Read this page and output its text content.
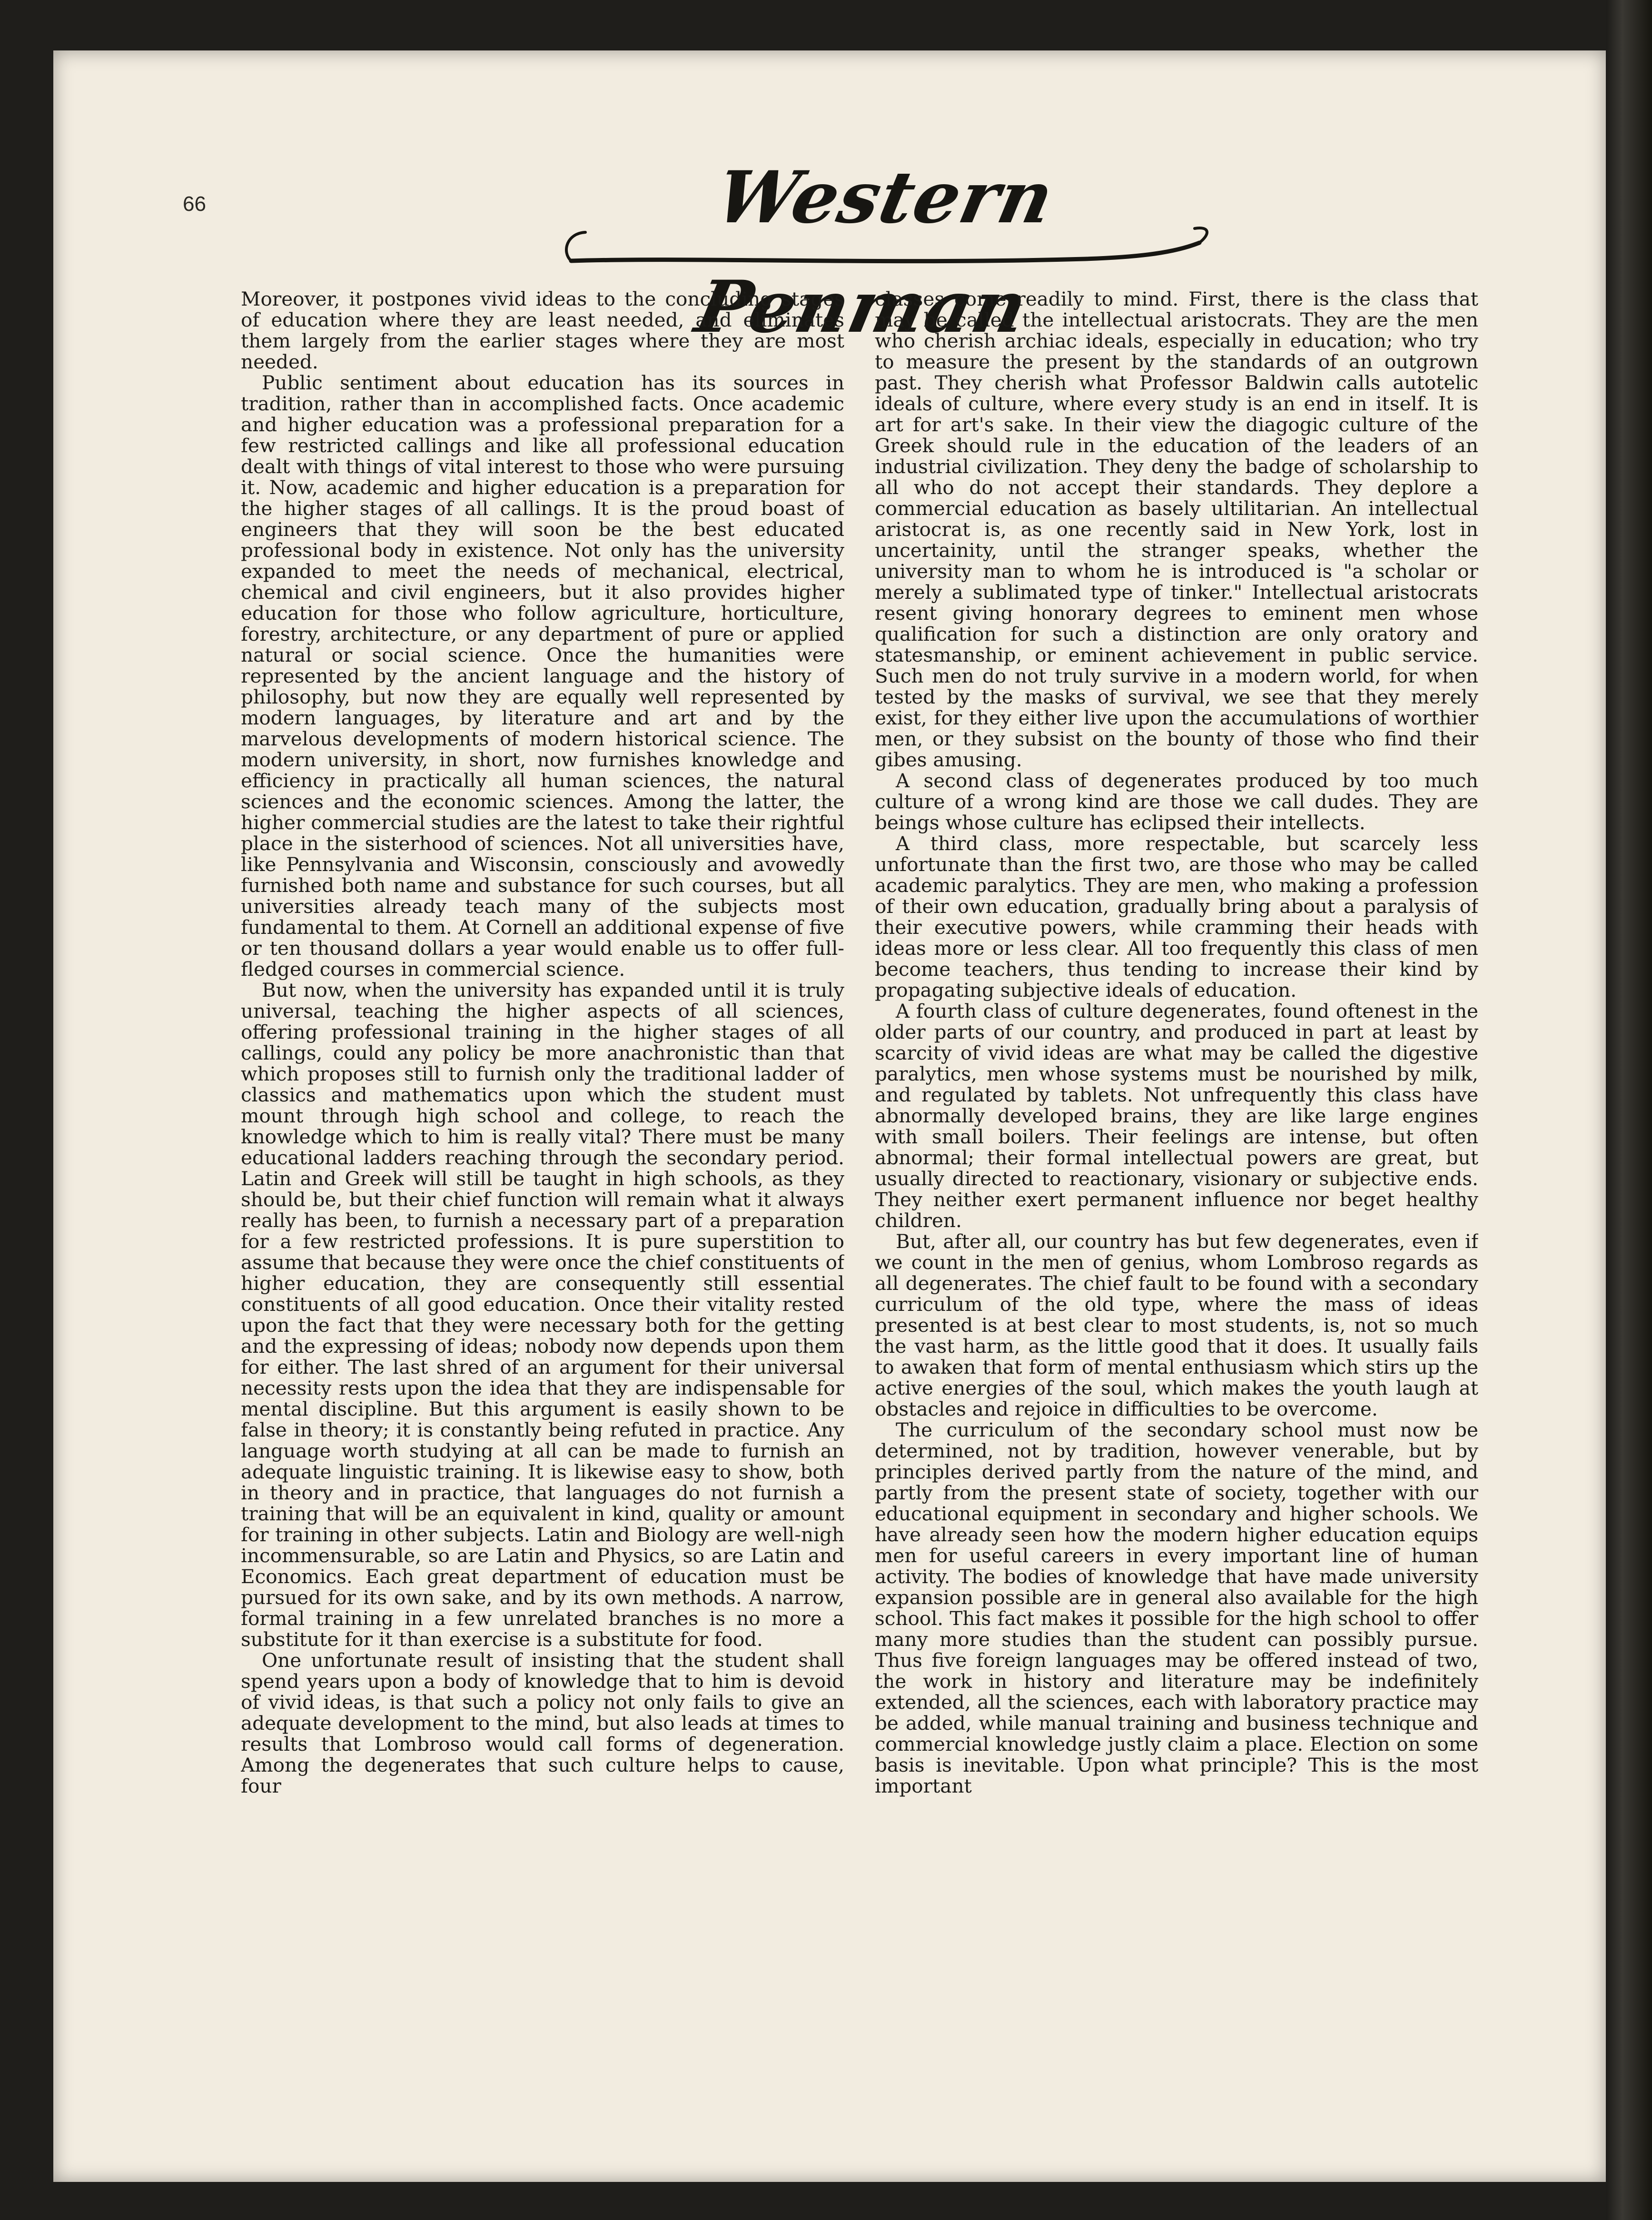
66	Western Penman

Moreover, it postpones vivid ideas to the concluding stages of education where they are least needed, and eliminates them largely from the earlier stages where they are most needed.

Public sentiment about education has its sources in tradition, rather than in accomplished facts. Once academic and higher education was a professional preparation for a few restricted callings and like all professional education dealt with things of vital interest to those who were pursuing it. Now, academic and higher education is a preparation for the higher stages of all callings. It is the proud boast of engineers that they will soon be the best educated professional body in existence. Not only has the university expanded to meet the needs of mechanical, electrical, chemical and civil engineers, but it also provides higher education for those who follow agriculture, horticulture, forestry, architecture, or any department of pure or applied natural or social science. Once the humanities were represented by the ancient language and the history of philosophy, but now they are equally well represented by modern languages, by literature and art and by the marvelous developments of modern historical science. The modern university, in short, now furnishes knowledge and efficiency in practically all human sciences, the natural sciences and the economic sciences. Among the latter, the higher commercial studies are the latest to take their rightful place in the sisterhood of sciences. Not all universities have, like Pennsylvania and Wisconsin, consciously and avowedly furnished both name and substance for such courses, but all universities already teach many of the subjects most fundamental to them. At Cornell an additional expense of five or ten thousand dollars a year would enable us to offer full-fledged courses in commercial science.

But now, when the university has expanded until it is truly universal, teaching the higher aspects of all sciences, offering professional training in the higher stages of all callings, could any policy be more anachronistic than that which proposes still to furnish only the traditional ladder of classics and mathematics upon which the student must mount through high school and college, to reach the knowledge which to him is really vital? There must be many educational ladders reaching through the secondary period. Latin and Greek will still be taught in high schools, as they should be, but their chief function will remain what it always really has been, to furnish a necessary part of a preparation for a few restricted professions. It is pure superstition to assume that because they were once the chief constituents of higher education, they are consequently still essential constituents of all good education. Once their vitality rested upon the fact that they were necessary both for the getting and the expressing of ideas; nobody now depends upon them for either. The last shred of an argument for their universal necessity rests upon the idea that they are indispensable for mental discipline. But this argument is easily shown to be false in theory; it is constantly being refuted in practice. Any language worth studying at all can be made to furnish an adequate linguistic training. It is likewise easy to show, both in theory and in practice, that languages do not furnish a training that will be an equivalent in kind, quality or amount for training in other subjects. Latin and Biology are well-nigh incommensurable, so are Latin and Physics, so are Latin and Economics. Each great department of education must be pursued for its own sake, and by its own methods. A narrow, formal training in a few unrelated branches is no more a substitute for it than exercise is a substitute for food.

One unfortunate result of insisting that the student shall spend years upon a body of knowledge that to him is devoid of vivid ideas, is that such a policy not only fails to give an adequate development to the mind, but also leads at times to results that Lombroso would call forms of degeneration. Among the degenerates that such culture helps to cause, four

classes come readily to mind. First, there is the class that may be called the intellectual aristocrats. They are the men who cherish archiac ideals, especially in education; who try to measure the present by the standards of an outgrown past. They cherish what Professor Baldwin calls autotelic ideals of culture, where every study is an end in itself. It is art for art's sake. In their view the diagogic culture of the Greek should rule in the education of the leaders of an industrial civilization. They deny the badge of scholarship to all who do not accept their standards. They deplore a commercial education as basely ultilitarian. An intellectual aristocrat is, as one recently said in New York, lost in uncertainity, until the stranger speaks, whether the university man to whom he is introduced is "a scholar or merely a sublimated type of tinker." Intellectual aristocrats resent giving honorary degrees to eminent men whose qualification for such a distinction are only oratory and statesmanship, or eminent achievement in public service. Such men do not truly survive in a modern world, for when tested by the masks of survival, we see that they merely exist, for they either live upon the accumulations of worthier men, or they subsist on the bounty of those who find their gibes amusing.

A second class of degenerates produced by too much culture of a wrong kind are those we call dudes. They are beings whose culture has eclipsed their intellects.

A third class, more respectable, but scarcely less unfortunate than the first two, are those who may be called academic paralytics. They are men, who making a profession of their own education, gradually bring about a paralysis of their executive powers, while cramming their heads with ideas more or less clear. All too frequently this class of men become teachers, thus tending to increase their kind by propagating subjective ideals of education.

A fourth class of culture degenerates, found oftenest in the older parts of our country, and produced in part at least by scarcity of vivid ideas are what may be called the digestive paralytics, men whose systems must be nourished by milk, and regulated by tablets. Not unfrequently this class have abnormally developed brains, they are like large engines with small boilers. Their feelings are intense, but often abnormal; their formal intellectual powers are great, but usually directed to reactionary, visionary or subjective ends. They neither exert permanent influence nor beget healthy children.

But, after all, our country has but few degenerates, even if we count in the men of genius, whom Lombroso regards as all degenerates. The chief fault to be found with a secondary curriculum of the old type, where the mass of ideas presented is at best clear to most students, is, not so much the vast harm, as the little good that it does. It usually fails to awaken that form of mental enthusiasm which stirs up the active energies of the soul, which makes the youth laugh at obstacles and rejoice in difficulties to be overcome.

The curriculum of the secondary school must now be determined, not by tradition, however venerable, but by principles derived partly from the nature of the mind, and partly from the present state of society, together with our educational equipment in secondary and higher schools. We have already seen how the modern higher education equips men for useful careers in every important line of human activity. The bodies of knowledge that have made university expansion possible are in general also available for the high school. This fact makes it possible for the high school to offer many more studies than the student can possibly pursue. Thus five foreign languages may be offered instead of two, the work in history and literature may be indefinitely extended, all the sciences, each with laboratory practice may be added, while manual training and business technique and commercial knowledge justly claim a place. Election on some basis is inevitable. Upon what principle? This is the most important
